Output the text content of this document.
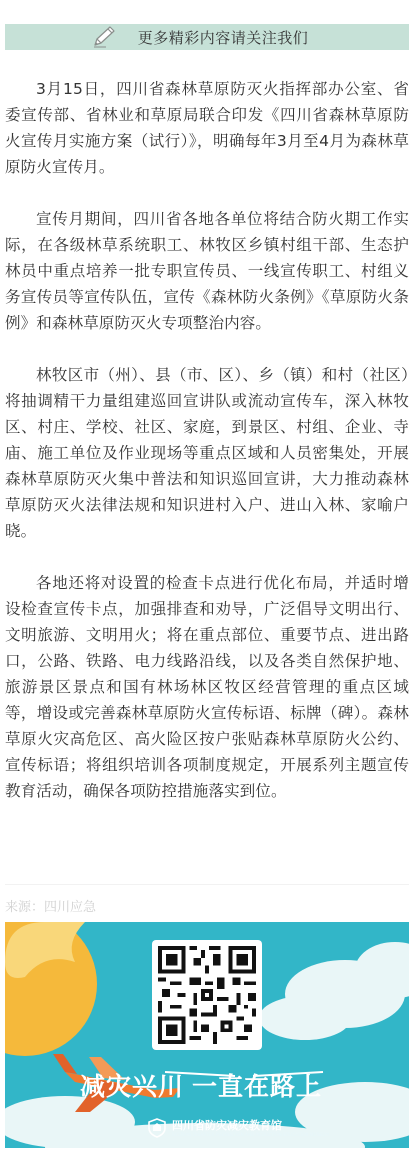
更多精彩内容请关注我们

3月15日，四川省森林草原防灭火指挥部办公室、省委宣传部、省林业和草原局联合印发《四川省森林草原防火宣传月实施方案（试行）》，明确每年3月至4月为森林草原防火宣传月。

宣传月期间，四川省各地各单位将结合防火期工作实际，在各级林草系统职工、林牧区乡镇村组干部、生态护林员中重点培养一批专职宣传员、一线宣传职工、村组义务宣传员等宣传队伍，宣传《森林防火条例》《草原防火条例》和森林草原防灭火专项整治内容。

林牧区市（州）、县（市、区）、乡（镇）和村（社区）将抽调精干力量组建巡回宣讲队或流动宣传车，深入林牧区、村庄、学校、社区、家庭，到景区、村组、企业、寺庙、施工单位及作业现场等重点区域和人员密集处，开展森林草原防灭火集中普法和知识巡回宣讲，大力推动森林草原防灭火法律法规和知识进村入户、进山入林、家喻户晓。

各地还将对设置的检查卡点进行优化布局，并适时增设检查宣传卡点，加强排查和劝导，广泛倡导文明出行、文明旅游、文明用火；将在重点部位、重要节点、进出路口，公路、铁路、电力线路沿线，以及各类自然保护地、旅游景区景点和国有林场林区牧区经营管理的重点区域等，增设或完善森林草原防火宣传标语、标牌（碑）。森林草原火灾高危区、高火险区按户张贴森林草原防火公约、宣传标语；将组织培训各项制度规定，开展系列主题宣传教育活动，确保各项防控措施落实到位。

来源：四川应急
减灾兴川 一直在路上
四川省防灾减灾教育馆
SICHUAN DISASTER PREVENTION AND REDUCTION EDUCATION MUSEUM
